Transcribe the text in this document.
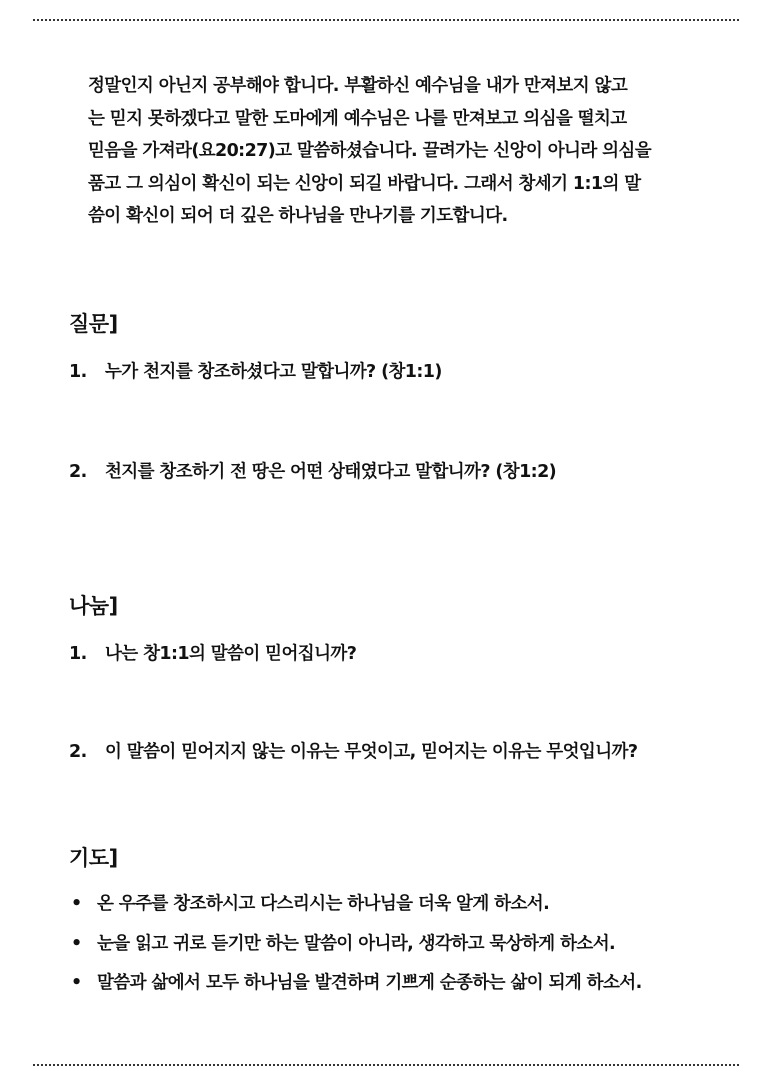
정말인지 아닌지 공부해야 합니다. 부활하신 예수님을 내가 만져보지 않고
는 믿지 못하겠다고 말한 도마에게 예수님은 나를 만져보고 의심을 떨치고
믿음을 가져라(요20:27)고 말씀하셨습니다. 끌려가는 신앙이 아니라 의심을
품고 그 의심이 확신이 되는 신앙이 되길 바랍니다. 그래서 창세기 1:1의 말
씀이 확신이 되어 더 깊은 하나님을 만나기를 기도합니다.
질문]
1. 누가 천지를 창조하셨다고 말합니까? (창1:1)
2. 천지를 창조하기 전 땅은 어떤 상태였다고 말합니까? (창1:2)
나눔]
1. 나는 창1:1의 말씀이 믿어집니까?
2. 이 말씀이 믿어지지 않는 이유는 무엇이고, 믿어지는 이유는 무엇입니까?
기도]
• 온 우주를 창조하시고 다스리시는 하나님을 더욱 알게 하소서.
• 눈을 읽고 귀로 듣기만 하는 말씀이 아니라, 생각하고 묵상하게 하소서.
• 말씀과 삶에서 모두 하나님을 발견하며 기쁘게 순종하는 삶이 되게 하소서.
